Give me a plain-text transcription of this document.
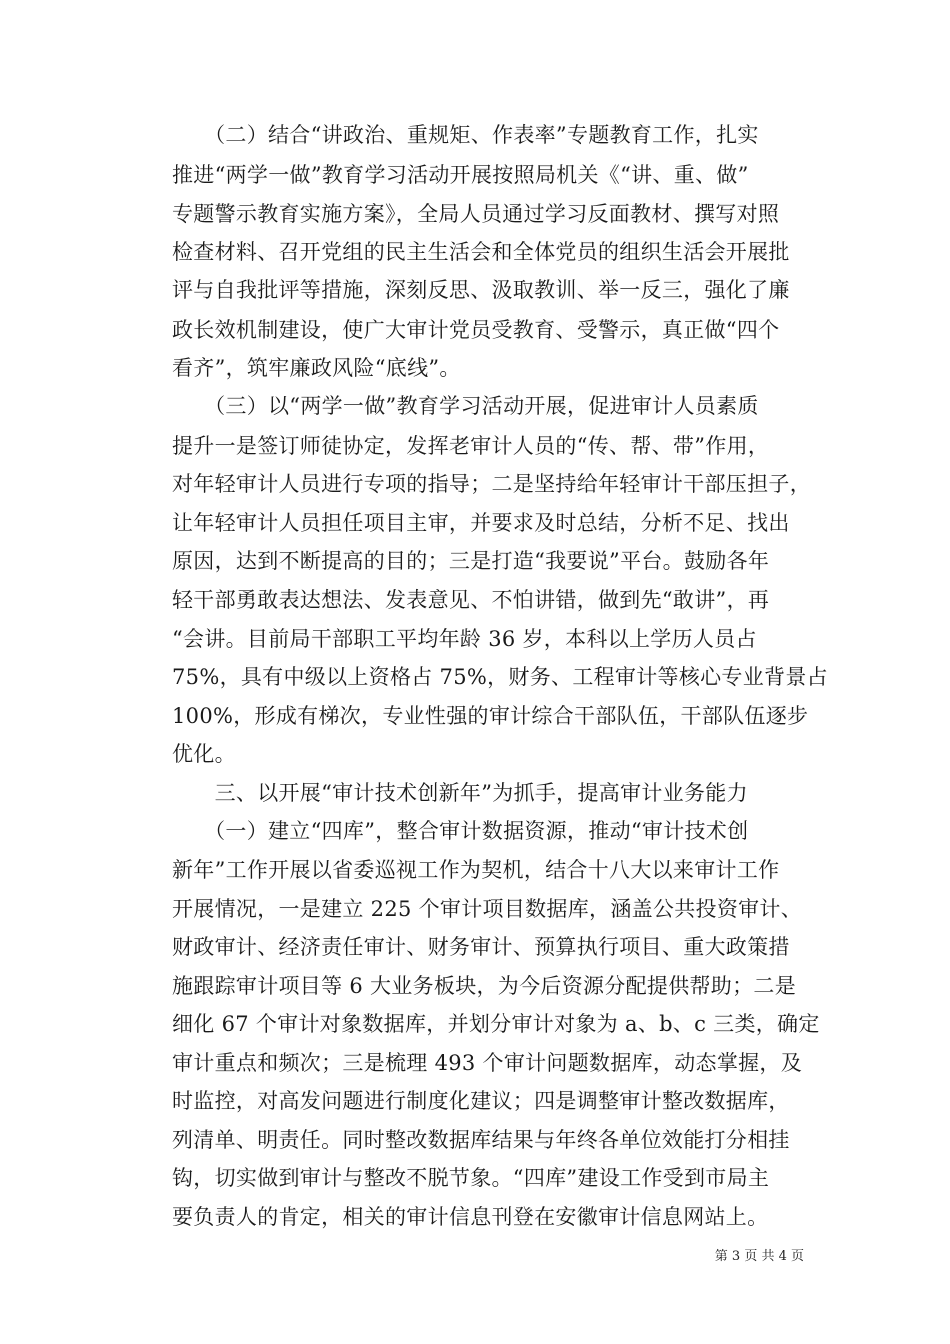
　　（二）结合“讲政治、重规矩、作表率”专题教育工作，扎实
推进“两学一做”教育学习活动开展按照局机关《“讲、重、做”
专题警示教育实施方案》，全局人员通过学习反面教材、撰写对照
检查材料、召开党组的民主生活会和全体党员的组织生活会开展批
评与自我批评等措施，深刻反思、汲取教训、举一反三，强化了廉
政长效机制建设，使广大审计党员受教育、受警示，真正做“四个
看齐”，筑牢廉政风险“底线”。
　　（三）以“两学一做”教育学习活动开展，促进审计人员素质
提升一是签订师徒协定，发挥老审计人员的“传、帮、带”作用，
对年轻审计人员进行专项的指导；二是坚持给年轻审计干部压担子，
让年轻审计人员担任项目主审，并要求及时总结，分析不足、找出
原因，达到不断提高的目的；三是打造“我要说”平台。鼓励各年
轻干部勇敢表达想法、发表意见、不怕讲错，做到先“敢讲”，再
“会讲。目前局干部职工平均年龄 36 岁，本科以上学历人员占
75%，具有中级以上资格占 75%，财务、工程审计等核心专业背景占
100%，形成有梯次，专业性强的审计综合干部队伍，干部队伍逐步
优化。
　　三、以开展“审计技术创新年”为抓手，提高审计业务能力
　　（一）建立“四库”，整合审计数据资源，推动“审计技术创
新年”工作开展以省委巡视工作为契机，结合十八大以来审计工作
开展情况，一是建立 225 个审计项目数据库，涵盖公共投资审计、
财政审计、经济责任审计、财务审计、预算执行项目、重大政策措
施跟踪审计项目等 6 大业务板块，为今后资源分配提供帮助；二是
细化 67 个审计对象数据库，并划分审计对象为 a、b、c 三类，确定
审计重点和频次；三是梳理 493 个审计问题数据库，动态掌握，及
时监控，对高发问题进行制度化建议；四是调整审计整改数据库，
列清单、明责任。同时整改数据库结果与年终各单位效能打分相挂
钩，切实做到审计与整改不脱节象。“四库”建设工作受到市局主
要负责人的肯定，相关的审计信息刊登在安徽审计信息网站上。
第 3 页 共 4 页
